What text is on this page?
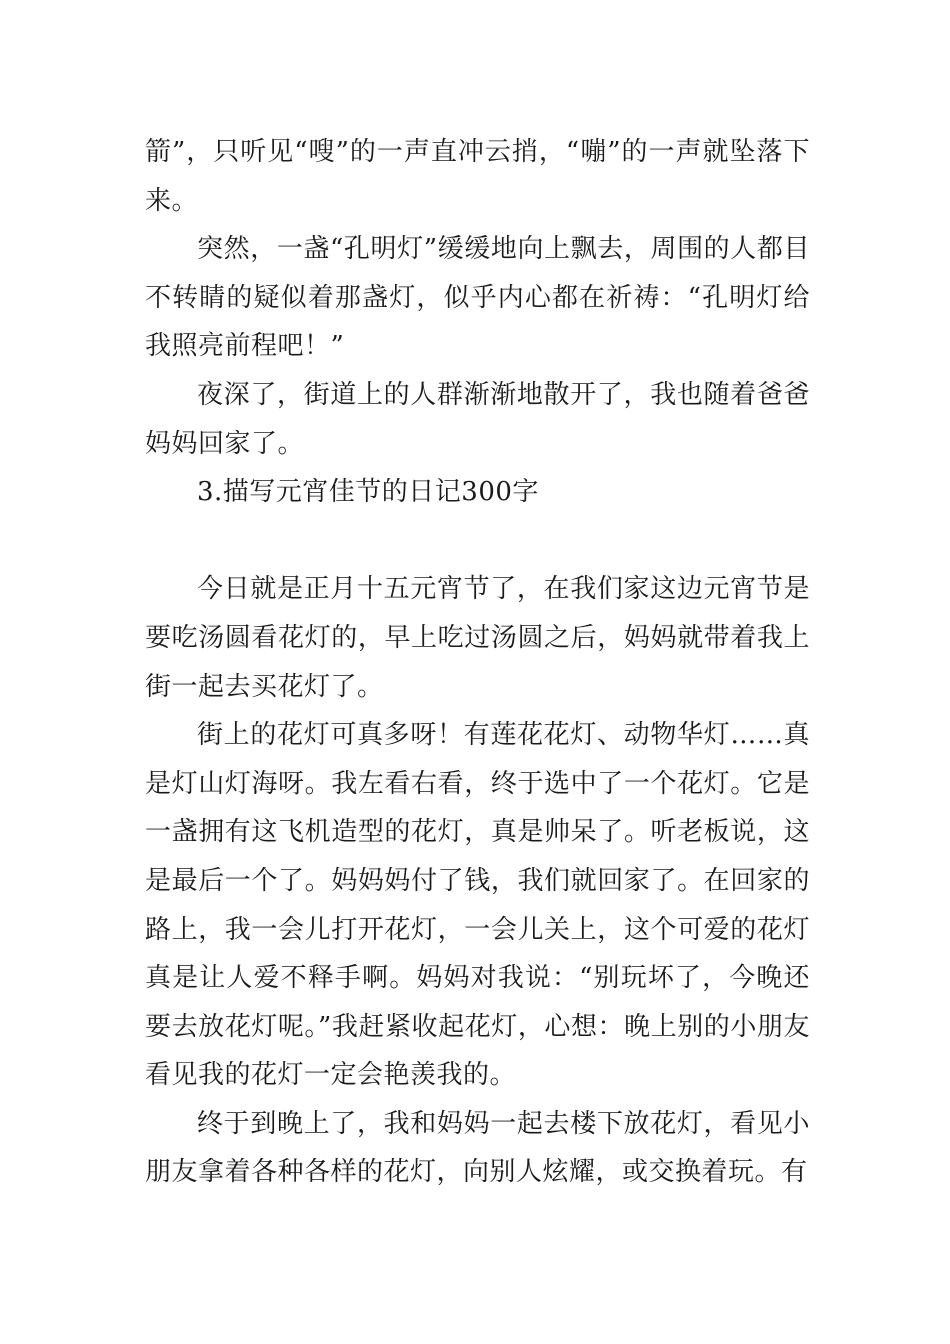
箭”，只听见“嗖”的一声直冲云捎，“嘣”的一声就坠落下来。

突然，一盏“孔明灯”缓缓地向上飘去，周围的人都目不转睛的疑似着那盏灯，似乎内心都在祈祷：“孔明灯给我照亮前程吧！”

夜深了，街道上的人群渐渐地散开了，我也随着爸爸妈妈回家了。

3.描写元宵佳节的日记300字

今日就是正月十五元宵节了，在我们家这边元宵节是要吃汤圆看花灯的，早上吃过汤圆之后，妈妈就带着我上街一起去买花灯了。

街上的花灯可真多呀！有莲花花灯、动物华灯……真是灯山灯海呀。我左看右看，终于选中了一个花灯。它是一盏拥有这飞机造型的花灯，真是帅呆了。听老板说，这是最后一个了。妈妈妈付了钱，我们就回家了。在回家的路上，我一会儿打开花灯，一会儿关上，这个可爱的花灯真是让人爱不释手啊。妈妈对我说：“别玩坏了，今晚还要去放花灯呢。”我赶紧收起花灯，心想：晚上别的小朋友看见我的花灯一定会艳羡我的。

终于到晚上了，我和妈妈一起去楼下放花灯，看见小朋友拿着各种各样的花灯，向别人炫耀，或交换着玩。有
